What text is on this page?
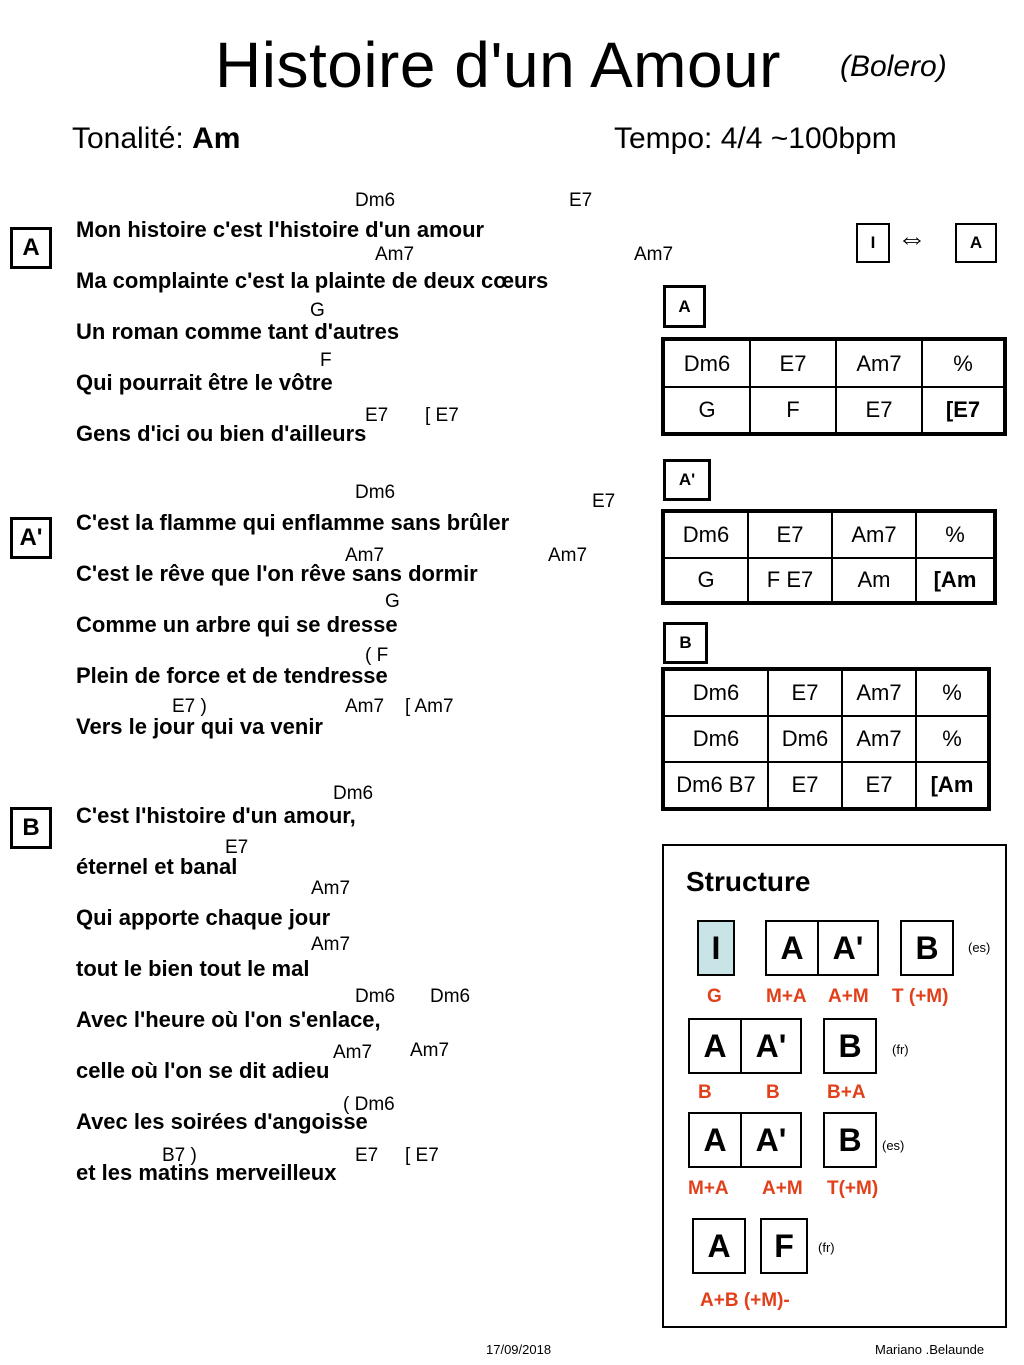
Histoire d'un Amour (Bolero)
Tonalité: Am	Tempo: 4/4 ~100bpm
A
A'
B
Mon histoire c'est l'histoire d'un amour
Ma complainte c'est la plainte de deux cœurs
Un roman comme tant d'autres
Qui pourrait être le vôtre
Gens d'ici ou bien d'ailleurs
C'est la flamme qui enflamme sans brûler
C'est le rêve que l'on rêve sans dormir
Comme un arbre qui se dresse
Plein de force et de tendresse
Vers le jour qui va venir
C'est l'histoire d'un amour,
éternel et banal
Qui apporte chaque jour
tout le bien tout le mal
Avec l'heure où l'on s'enlace,
celle où l'on se dit adieu
Avec les soirées d'angoisse
et les matins merveilleux
Dm6	E7
Am7	Am7
G
F
E7 [ E7
Dm6	E7
Am7	Am7
G
( F
E7 )	Am7 [ Am7
Dm6
E7
Am7
Am7
Dm6 Dm6
Am7 Am7
( Dm6
B7 )	E7 [ E7
I ⇔	A
A
Dm6	E7	Am7	%
G	F	E7	[E7
A'
Dm6	E7	Am7	%
G	F E7	Am	[Am
B
Dm6	E7	Am7	%
Dm6	Dm6	Am7	%
Dm6 B7	E7	E7	[Am
Structure
I A A' B (es)
G M+A A+M T (+M)
A A' B (fr)
B	B B+A
A A' B (es)
M+A A+M T(+M)
A F (fr)
A+B (+M)-
17/09/2018	Mariano .Belaunde
